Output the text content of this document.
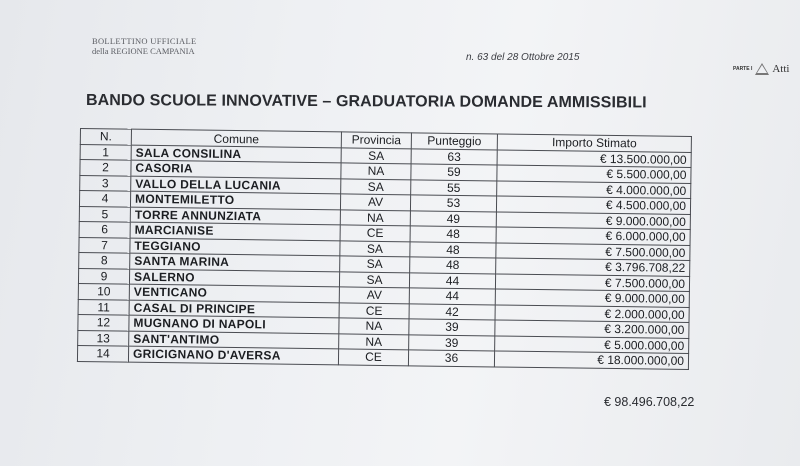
BOLLETTINO UFFICIALE
della REGIONE CAMPANIA
n. 63 del 28 Ottobre 2015
PARTE I Atti
BANDO SCUOLE INNOVATIVE – GRADUATORIA DOMANDE AMMISSIBILI
N.	Comune	Provincia	Punteggio	Importo Stimato
1	SALA CONSILINA	SA	63	€ 13.500.000,00
2	CASORIA	NA	59	€ 5.500.000,00
3	VALLO DELLA LUCANIA	SA	55	€ 4.000.000,00
4	MONTEMILETTO	AV	53	€ 4.500.000,00
5	TORRE ANNUNZIATA	NA	49	€ 9.000.000,00
6	MARCIANISE	CE	48	€ 6.000.000,00
7	TEGGIANO	SA	48	€ 7.500.000,00
8	SANTA MARINA	SA	48	€ 3.796.708,22
9	SALERNO	SA	44	€ 7.500.000,00
10	VENTICANO	AV	44	€ 9.000.000,00
11	CASAL DI PRINCIPE	CE	42	€ 2.000.000,00
12	MUGNANO DI NAPOLI	NA	39	€ 3.200.000,00
13	SANT'ANTIMO	NA	39	€ 5.000.000,00
14	GRICIGNANO D'AVERSA	CE	36	€ 18.000.000,00
€ 98.496.708,22
